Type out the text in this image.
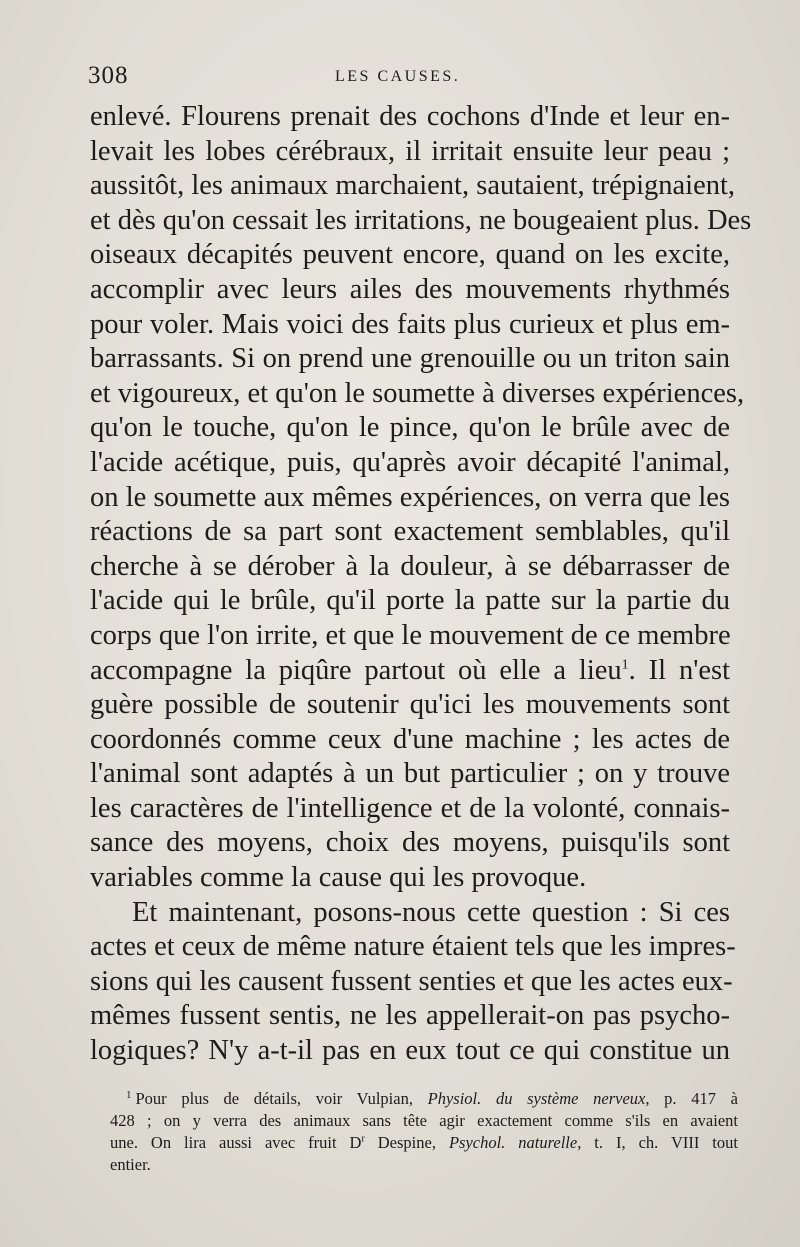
308	LES CAUSES.
enlevé. Flourens prenait des cochons d'Inde et leur en-
levait les lobes cérébraux, il irritait ensuite leur peau ;
aussitôt, les animaux marchaient, sautaient, trépignaient,
et dès qu'on cessait les irritations, ne bougeaient plus. Des
oiseaux décapités peuvent encore, quand on les excite,
accomplir avec leurs ailes des mouvements rhythmés
pour voler. Mais voici des faits plus curieux et plus em-
barrassants. Si on prend une grenouille ou un triton sain
et vigoureux, et qu'on le soumette à diverses expériences,
qu'on le touche, qu'on le pince, qu'on le brûle avec de
l'acide acétique, puis, qu'après avoir décapité l'animal,
on le soumette aux mêmes expériences, on verra que les
réactions de sa part sont exactement semblables, qu'il
cherche à se dérober à la douleur, à se débarrasser de
l'acide qui le brûle, qu'il porte la patte sur la partie du
corps que l'on irrite, et que le mouvement de ce membre
accompagne la piqûre partout où elle a lieu$^1$. Il n'est
guère possible de soutenir qu'ici les mouvements sont
coordonnés comme ceux d'une machine ; les actes de
l'animal sont adaptés à un but particulier ; on y trouve
les caractères de l'intelligence et de la volonté, connais-
sance des moyens, choix des moyens, puisqu'ils sont
variables comme la cause qui les provoque.
Et maintenant, posons-nous cette question : Si ces
actes et ceux de même nature étaient tels que les impres-
sions qui les causent fussent senties et que les actes eux-
mêmes fussent sentis, ne les appellerait-on pas psycho-
logiques? N'y a-t-il pas en eux tout ce qui constitue un
$^1$ Pour plus de détails, voir Vulpian, Physiol. du système nerveux, p. 417 à
428 ; on y verra des animaux sans tête agir exactement comme s'ils en avaient
une. On lira aussi avec fruit $D^r$ Despine, Psychol. naturelle, t. I, ch. VIII tout
entier.
